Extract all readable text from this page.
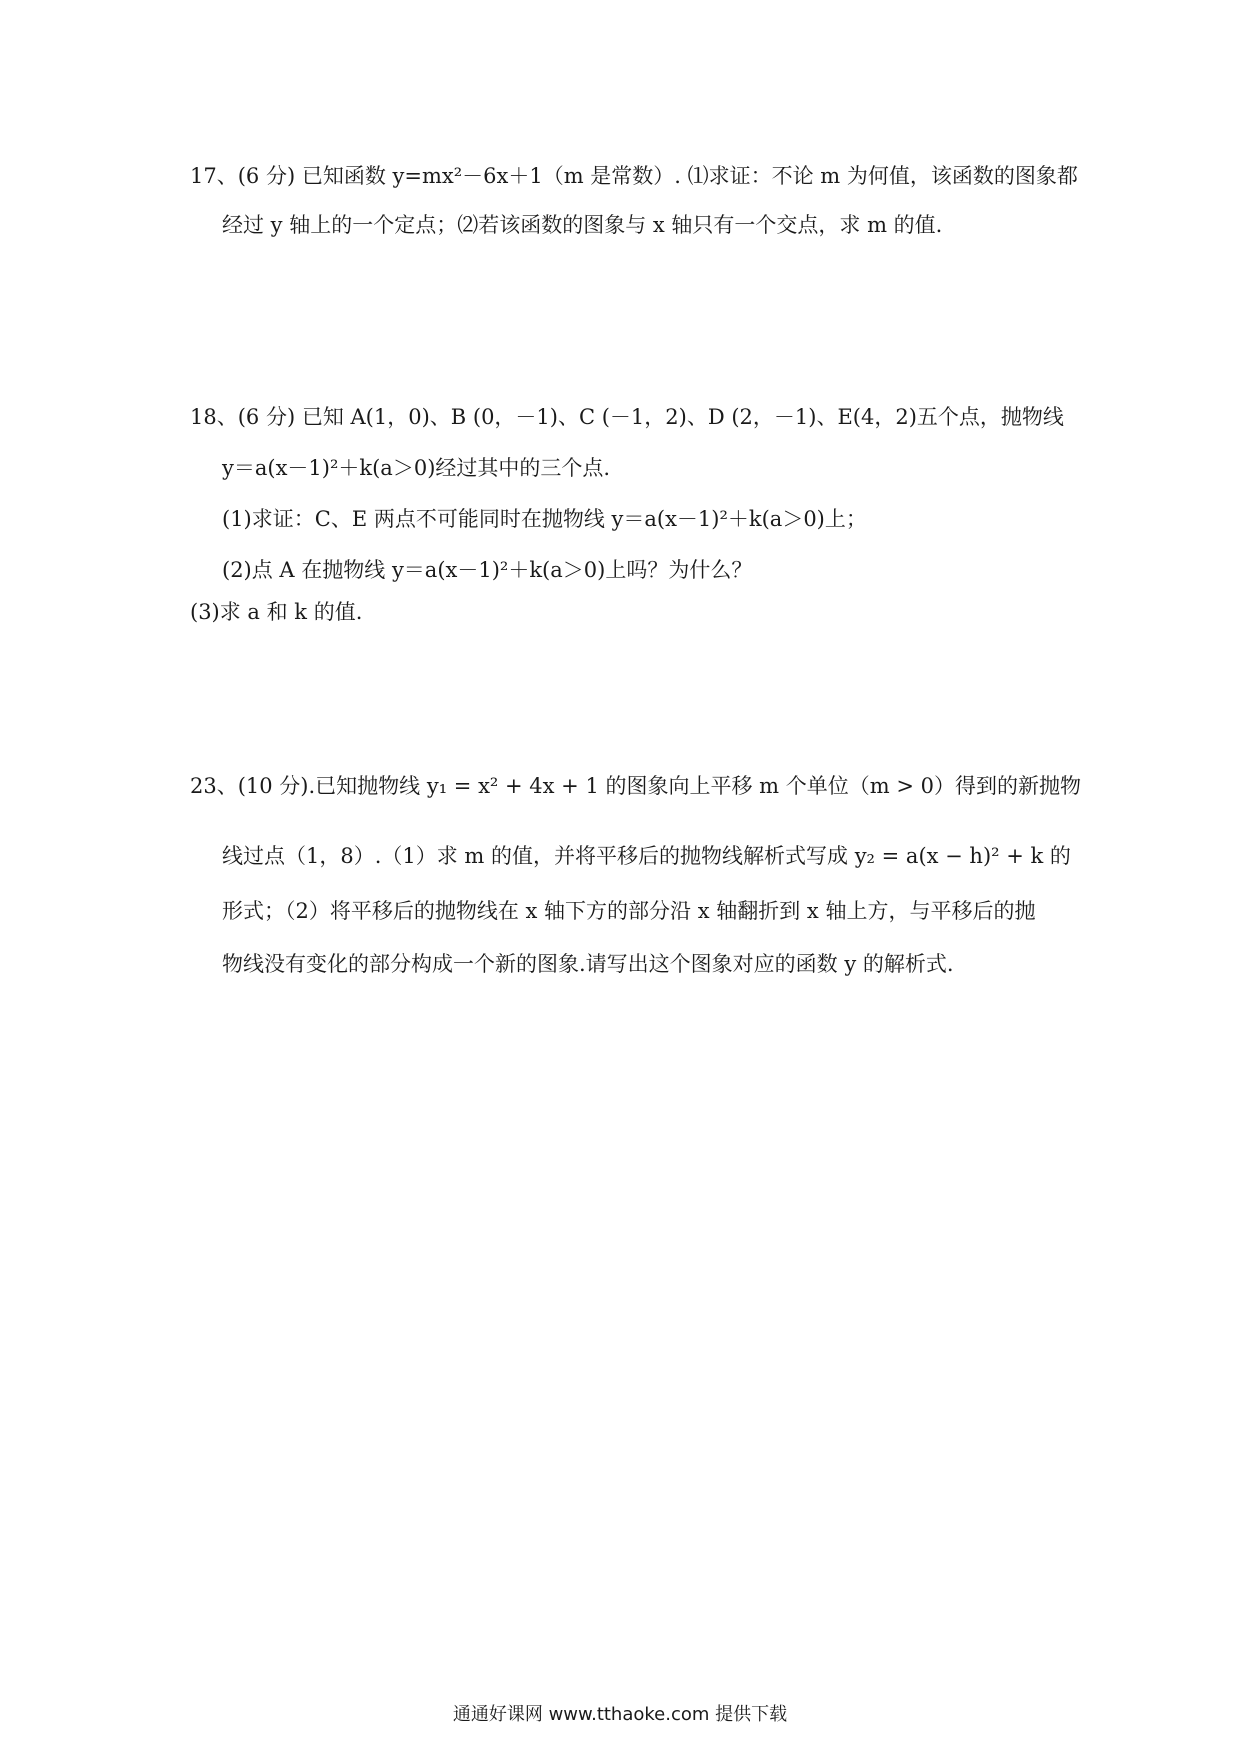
17、(6 分) 已知函数 y=mx²－6x＋1（m 是常数）. ⑴求证：不论 m 为何值，该函数的图象都
经过 y 轴上的一个定点；⑵若该函数的图象与 x 轴只有一个交点，求 m 的值.
18、(6 分) 已知 A(1，0)、B (0，－1)、C (－1，2)、D (2，－1)、E(4，2)五个点，抛物线
y＝a(x－1)²＋k(a＞0)经过其中的三个点.
(1)求证：C、E 两点不可能同时在抛物线 y＝a(x－1)²＋k(a＞0)上；
(2)点 A 在抛物线 y＝a(x－1)²＋k(a＞0)上吗？为什么？
(3)求 a 和 k 的值.
23、(10 分).已知抛物线 y₁ = x² + 4x + 1 的图象向上平移 m 个单位（m > 0）得到的新抛物
线过点（1，8）.（1）求 m 的值，并将平移后的抛物线解析式写成 y₂ = a(x − h)² + k 的
形式；（2）将平移后的抛物线在 x 轴下方的部分沿 x 轴翻折到 x 轴上方，与平移后的抛
物线没有变化的部分构成一个新的图象.请写出这个图象对应的函数 y 的解析式.
通通好课网 www.tthaoke.com 提供下载
